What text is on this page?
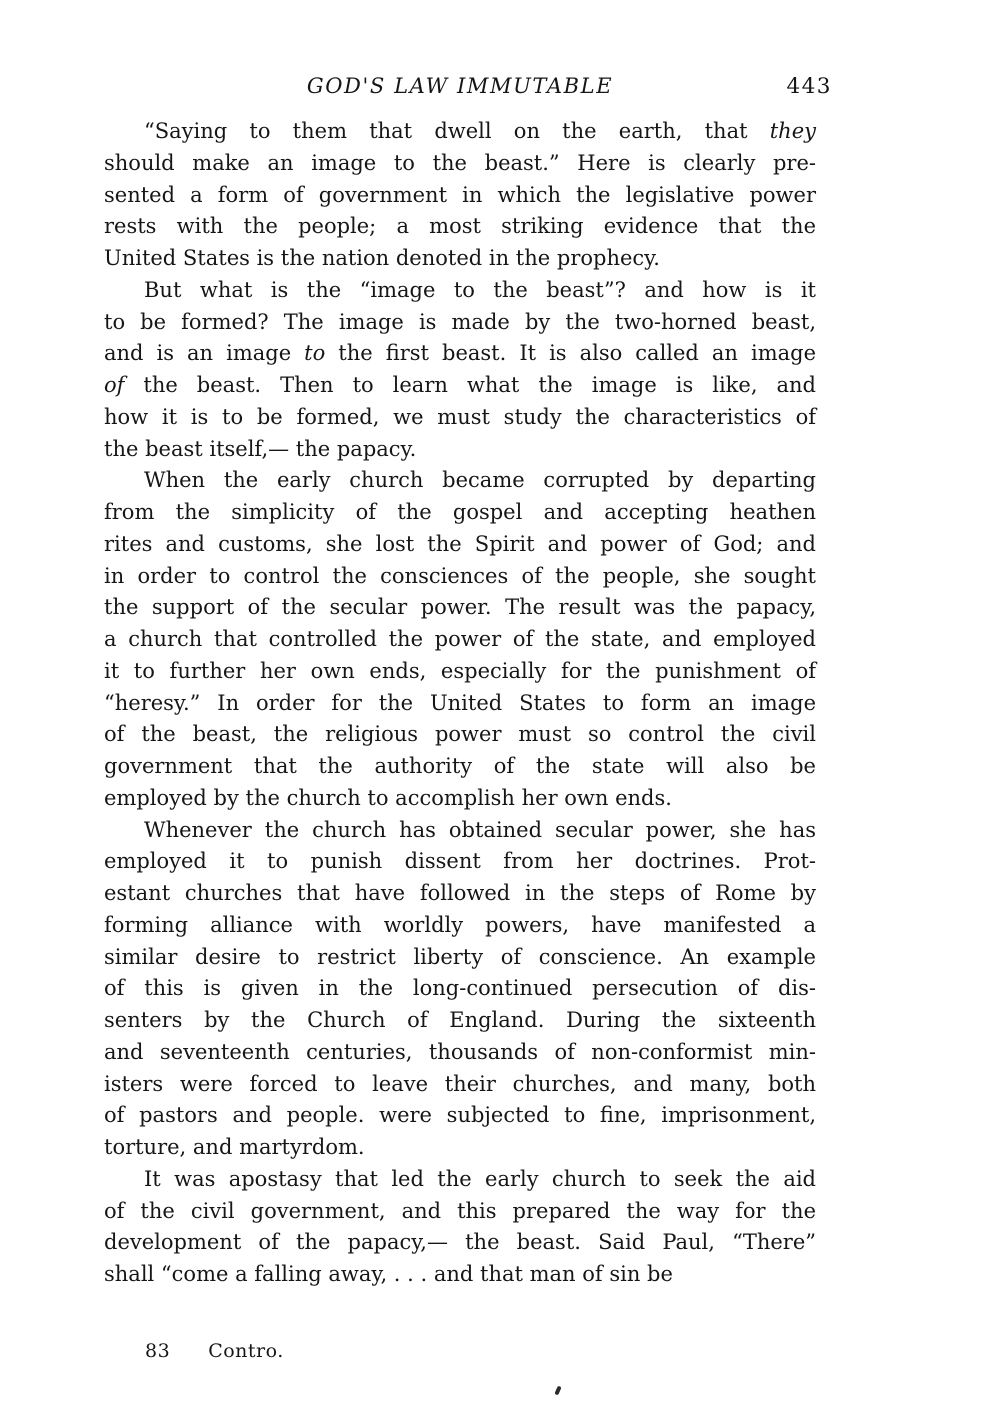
GOD'S LAW IMMUTABLE	443
“Saying to them that dwell on the earth, that they
should make an image to the beast.” Here is clearly pre-
sented a form of government in which the legislative power
rests with the people; a most striking evidence that the
United States is the nation denoted in the prophecy.
But what is the “image to the beast”? and how is it
to be formed? The image is made by the two-horned beast,
and is an image to the first beast. It is also called an image
of the beast. Then to learn what the image is like, and
how it is to be formed, we must study the characteristics of
the beast itself,— the papacy.
When the early church became corrupted by departing
from the simplicity of the gospel and accepting heathen
rites and customs, she lost the Spirit and power of God; and
in order to control the consciences of the people, she sought
the support of the secular power. The result was the papacy,
a church that controlled the power of the state, and employed
it to further her own ends, especially for the punishment of
“heresy.” In order for the United States to form an image
of the beast, the religious power must so control the civil
government that the authority of the state will also be
employed by the church to accomplish her own ends.
Whenever the church has obtained secular power, she has
employed it to punish dissent from her doctrines. Prot-
estant churches that have followed in the steps of Rome by
forming alliance with worldly powers, have manifested a
similar desire to restrict liberty of conscience. An example
of this is given in the long-continued persecution of dis-
senters by the Church of England. During the sixteenth
and seventeenth centuries, thousands of non-conformist min-
isters were forced to leave their churches, and many, both
of pastors and people. were subjected to fine, imprisonment,
torture, and martyrdom.
It was apostasy that led the early church to seek the aid
of the civil government, and this prepared the way for the
development of the papacy,— the beast. Said Paul, “There”
shall “come a falling away, . . . and that man of sin be
83 Contro.
